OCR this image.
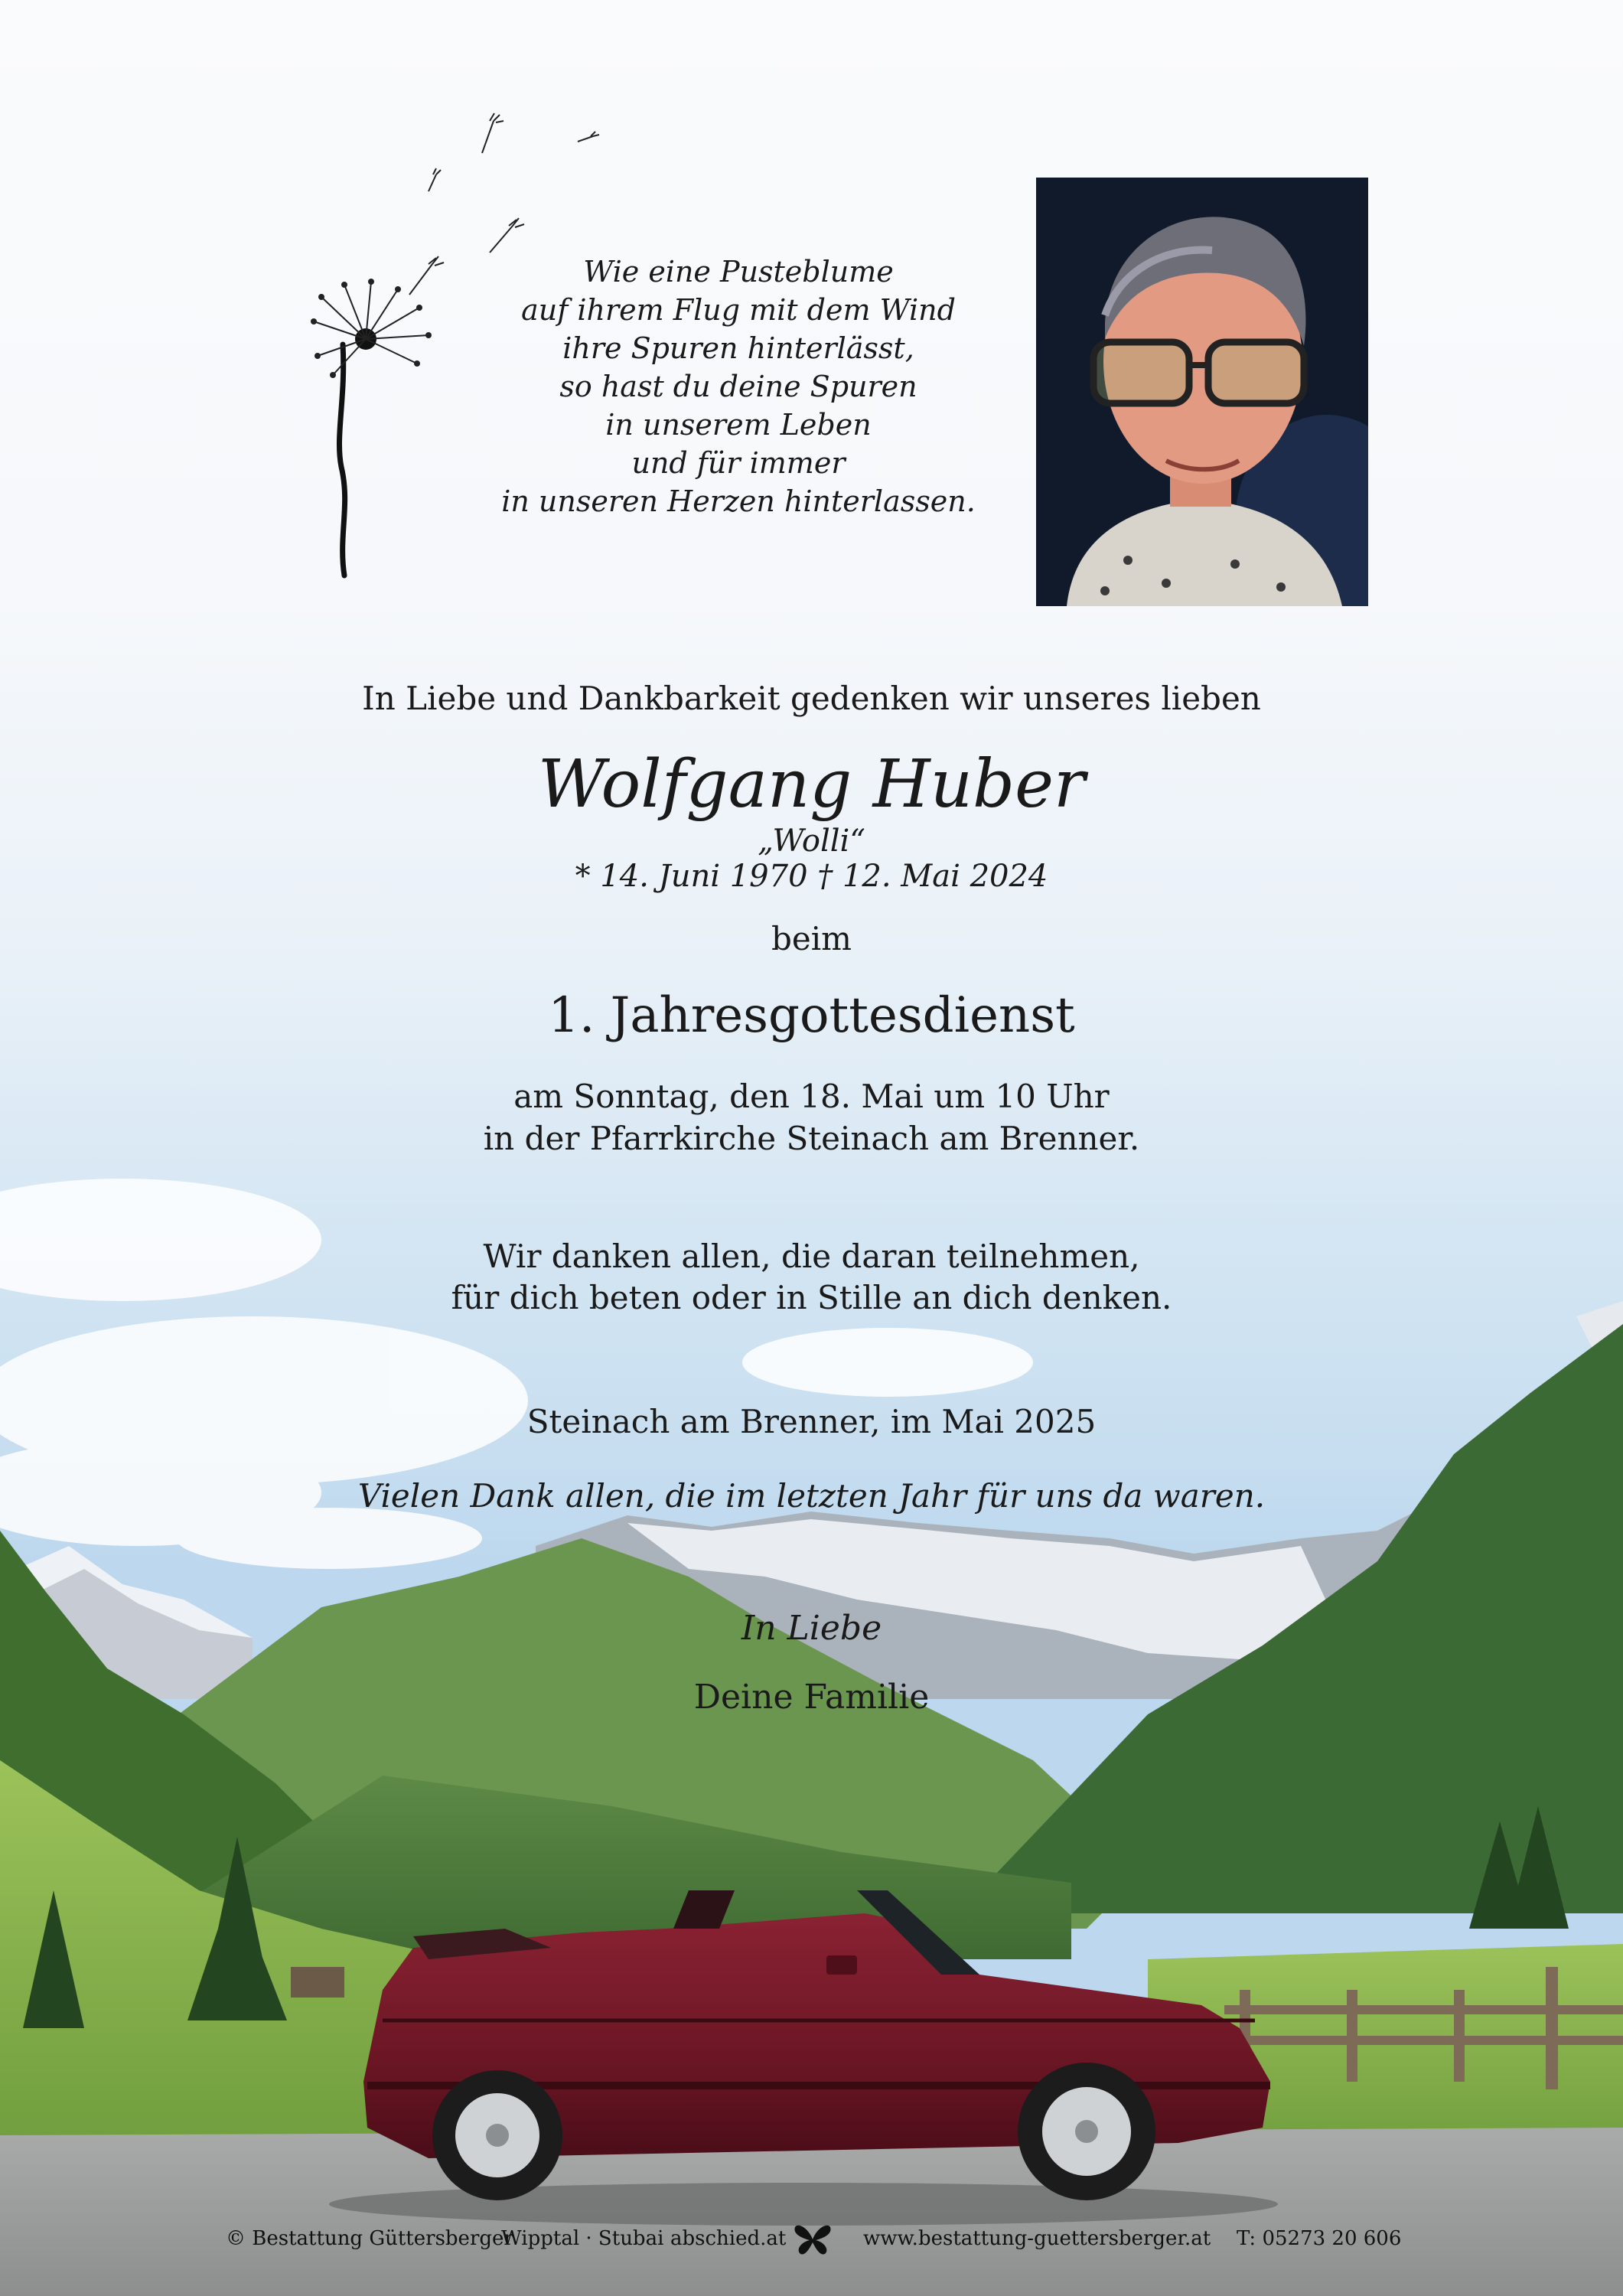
Wie eine Pusteblume
auf ihrem Flug mit dem Wind
ihre Spuren hinterlässt,
so hast du deine Spuren
in unserem Leben
und für immer
in unseren Herzen hinterlassen.
In Liebe und Dankbarkeit gedenken wir unseres lieben
Wolfgang Huber
„Wolli“
* 14. Juni 1970 † 12. Mai 2024
beim
1. Jahresgottesdienst
am Sonntag, den 18. Mai um 10 Uhr
in der Pfarrkirche Steinach am Brenner.
Wir danken allen, die daran teilnehmen,
für dich beten oder in Stille an dich denken.
Steinach am Brenner, im Mai 2025
Vielen Dank allen, die im letzten Jahr für uns da waren.
In Liebe
Deine Familie
© Bestattung Güttersberger
Wipptal · Stubai abschied.at	www.bestattung-guettersberger.at T: 05273 20 606
